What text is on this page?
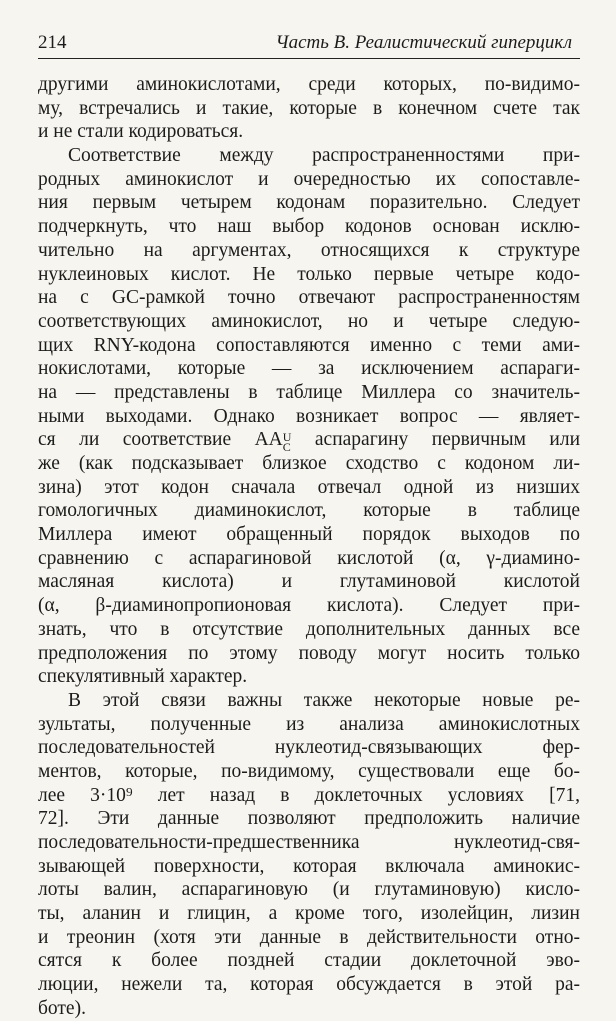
214	Часть В. Реалистический гиперцикл
другими аминокислотами, среди которых, по-видимо-
му, встречались и такие, которые в конечном счете так
и не стали кодироваться.
Соответствие между распространенностями при-
родных аминокислот и очередностью их сопоставле-
ния первым четырем кодонам поразительно. Следует
подчеркнуть, что наш выбор кодонов основан исклю-
чительно на аргументах, относящихся к структуре
нуклеиновых кислот. Не только первые четыре кодо-
на с GC-рамкой точно отвечают распространенностям
соответствующих аминокислот, но и четыре следую-
щих RNY-кодона сопоставляются именно с теми ами-
нокислотами, которые — за исключением аспараги-
на — представлены в таблице Миллера со значитель-
ными выходами. Однако возникает вопрос — являет-
ся ли соответствие AA U
C аспарагину первичным или
же (как подсказывает близкое сходство с кодоном ли-
зина) этот кодон сначала отвечал одной из низших
гомологичных диаминокислот, которые в таблице
Миллера имеют обращенный порядок выходов по
сравнению с аспарагиновой кислотой (α, γ-диамино-
масляная кислота) и глутаминовой кислотой
(α, β-диаминопропионовая кислота). Следует при-
знать, что в отсутствие дополнительных данных все
предположения по этому поводу могут носить только
спекулятивный характер.
В этой связи важны также некоторые новые ре-
зультаты, полученные из анализа аминокислотных
последовательностей нуклеотид-связывающих фер-
ментов, которые, по-видимому, существовали еще бо-
лее 3·10⁹ лет назад в доклеточных условиях [71,
72]. Эти данные позволяют предположить наличие
последовательности-предшественника нуклеотид-свя-
зывающей поверхности, которая включала аминокис-
лоты валин, аспарагиновую (и глутаминовую) кисло-
ты, аланин и глицин, а кроме того, изолейцин, лизин
и треонин (хотя эти данные в действительности отно-
сятся к более поздней стадии доклеточной эво-
люции, нежели та, которая обсуждается в этой ра-
боте).
